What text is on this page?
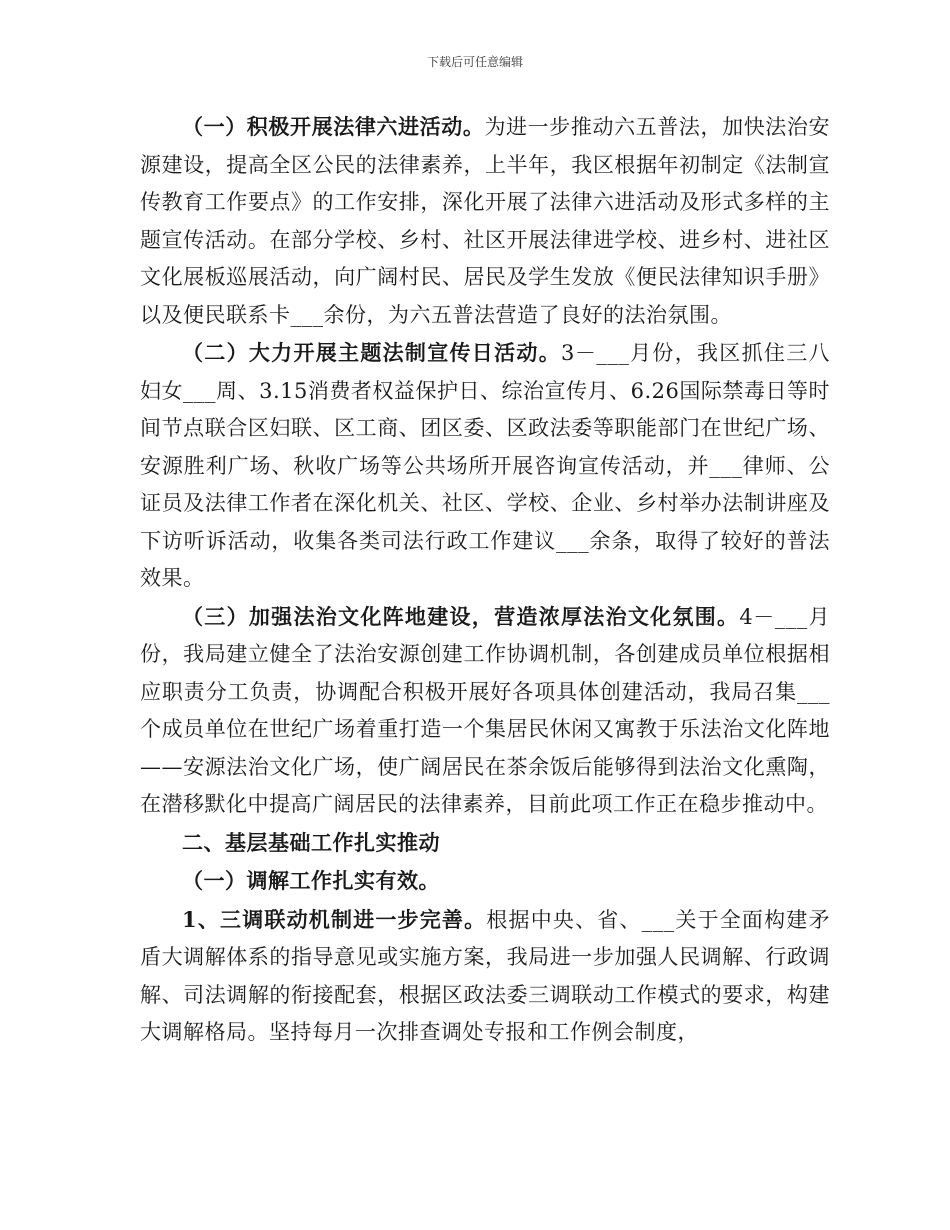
下载后可任意编辑

（一）积极开展法律六进活动。为进一步推动六五普法，加快法治安源建设，提高全区公民的法律素养，上半年，我区根据年初制定《法制宣传教育工作要点》的工作安排，深化开展了法律六进活动及形式多样的主题宣传活动。在部分学校、乡村、社区开展法律进学校、进乡村、进社区文化展板巡展活动，向广阔村民、居民及学生发放《便民法律知识手册》以及便民联系卡___余份，为六五普法营造了良好的法治氛围。

（二）大力开展主题法制宣传日活动。3－___月份，我区抓住三八妇女___周、3.15消费者权益保护日、综治宣传月、6.26国际禁毒日等时间节点联合区妇联、区工商、团区委、区政法委等职能部门在世纪广场、安源胜利广场、秋收广场等公共场所开展咨询宣传活动，并___律师、公证员及法律工作者在深化机关、社区、学校、企业、乡村举办法制讲座及下访听诉活动，收集各类司法行政工作建议___余条，取得了较好的普法效果。

（三）加强法治文化阵地建设，营造浓厚法治文化氛围。4－___月份，我局建立健全了法治安源创建工作协调机制，各创建成员单位根据相应职责分工负责，协调配合积极开展好各项具体创建活动，我局召集___个成员单位在世纪广场着重打造一个集居民休闲又寓教于乐法治文化阵地——安源法治文化广场，使广阔居民在茶余饭后能够得到法治文化熏陶，在潜移默化中提高广阔居民的法律素养，目前此项工作正在稳步推动中。

二、基层基础工作扎实推动

（一）调解工作扎实有效。

1、三调联动机制进一步完善。根据中央、省、___关于全面构建矛盾大调解体系的指导意见或实施方案，我局进一步加强人民调解、行政调解、司法调解的衔接配套，根据区政法委三调联动工作模式的要求，构建大调解格局。坚持每月一次排查调处专报和工作例会制度，
